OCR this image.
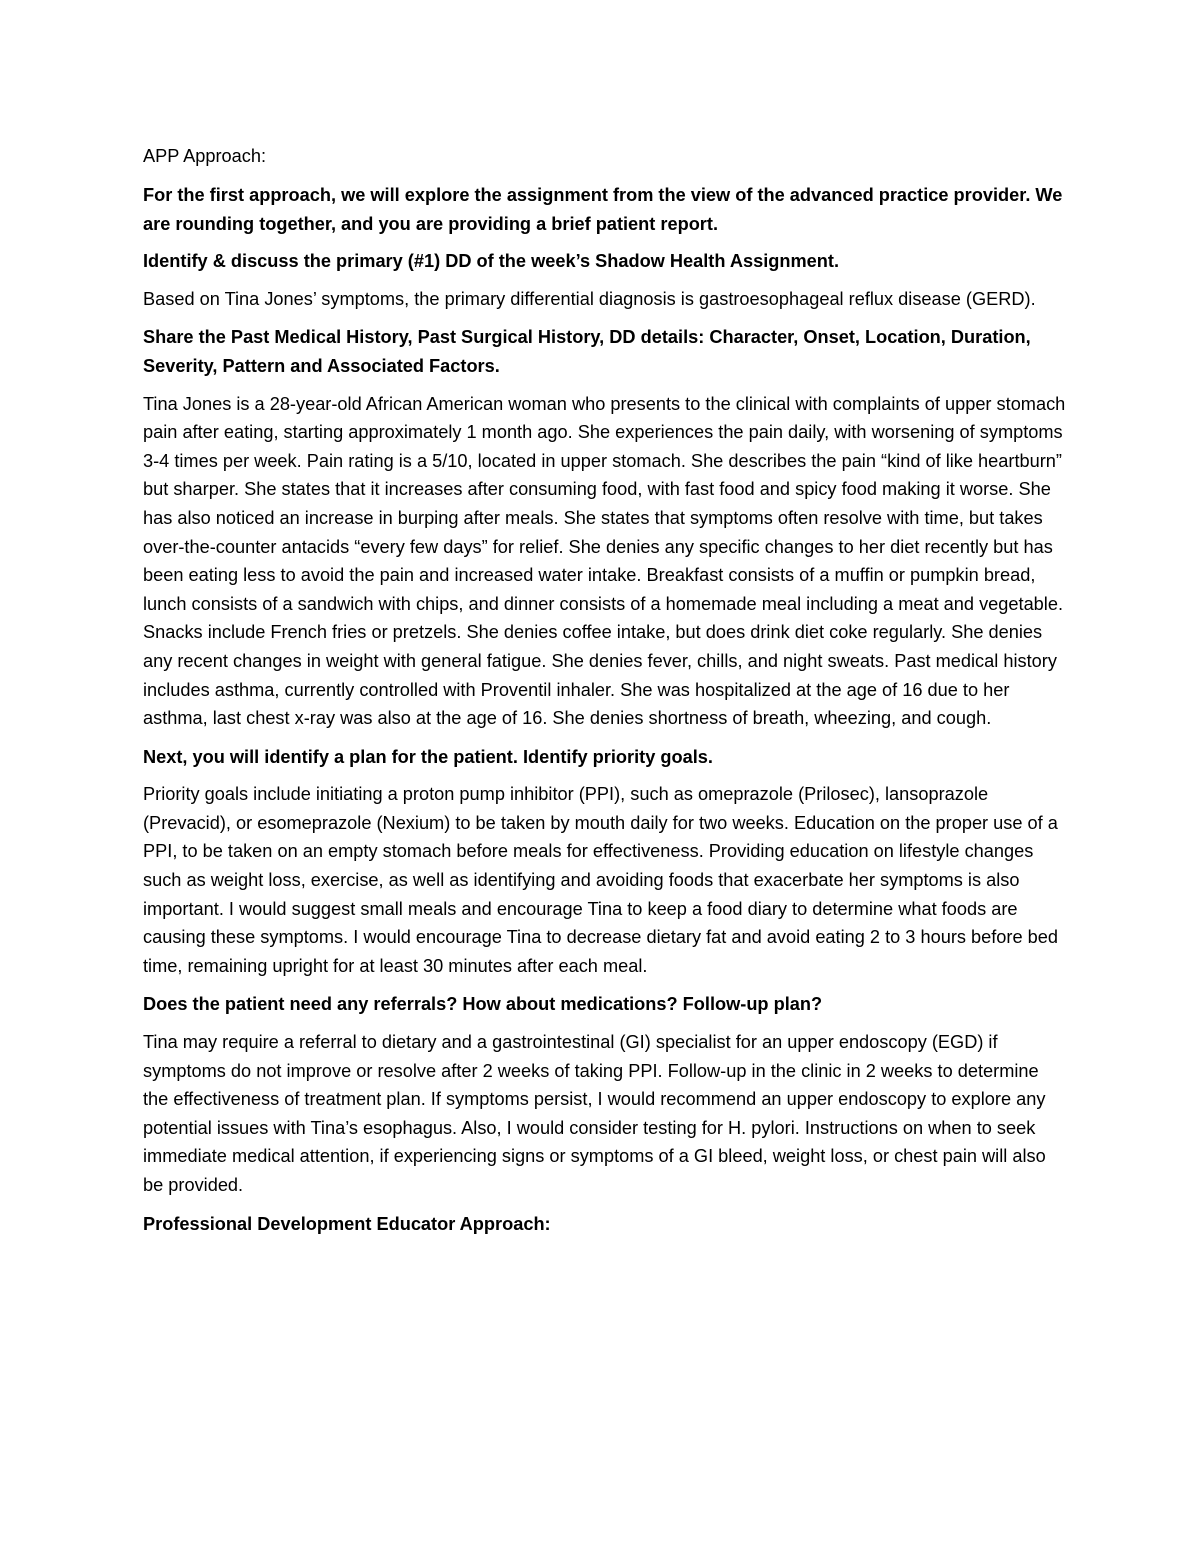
APP Approach:

For the first approach, we will explore the assignment from the view of the advanced practice provider. We are rounding together, and you are providing a brief patient report.

Identify & discuss the primary (#1) DD of the week’s Shadow Health Assignment.

Based on Tina Jones’ symptoms, the primary differential diagnosis is gastroesophageal reflux disease (GERD).

Share the Past Medical History, Past Surgical History, DD details: Character, Onset, Location, Duration, Severity, Pattern and Associated Factors.

Tina Jones is a 28-year-old African American woman who presents to the clinical with complaints of upper stomach pain after eating, starting approximately 1 month ago. She experiences the pain daily, with worsening of symptoms 3-4 times per week. Pain rating is a 5/10, located in upper stomach. She describes the pain “kind of like heartburn” but sharper. She states that it increases after consuming food, with fast food and spicy food making it worse. She has also noticed an increase in burping after meals. She states that symptoms often resolve with time, but takes over-the-counter antacids “every few days” for relief. She denies any specific changes to her diet recently but has been eating less to avoid the pain and increased water intake. Breakfast consists of a muffin or pumpkin bread, lunch consists of a sandwich with chips, and dinner consists of a homemade meal including a meat and vegetable. Snacks include French fries or pretzels. She denies coffee intake, but does drink diet coke regularly. She denies any recent changes in weight with general fatigue. She denies fever, chills, and night sweats. Past medical history includes asthma, currently controlled with Proventil inhaler. She was hospitalized at the age of 16 due to her asthma, last chest x-ray was also at the age of 16. She denies shortness of breath, wheezing, and cough.

Next, you will identify a plan for the patient. Identify priority goals.

Priority goals include initiating a proton pump inhibitor (PPI), such as omeprazole (Prilosec), lansoprazole (Prevacid), or esomeprazole (Nexium) to be taken by mouth daily for two weeks. Education on the proper use of a PPI, to be taken on an empty stomach before meals for effectiveness. Providing education on lifestyle changes such as weight loss, exercise, as well as identifying and avoiding foods that exacerbate her symptoms is also important. I would suggest small meals and encourage Tina to keep a food diary to determine what foods are causing these symptoms. I would encourage Tina to decrease dietary fat and avoid eating 2 to 3 hours before bed time, remaining upright for at least 30 minutes after each meal.

Does the patient need any referrals? How about medications? Follow-up plan?

Tina may require a referral to dietary and a gastrointestinal (GI) specialist for an upper endoscopy (EGD) if symptoms do not improve or resolve after 2 weeks of taking PPI. Follow-up in the clinic in 2 weeks to determine the effectiveness of treatment plan. If symptoms persist, I would recommend an upper endoscopy to explore any potential issues with Tina’s esophagus. Also, I would consider testing for H. pylori. Instructions on when to seek immediate medical attention, if experiencing signs or symptoms of a GI bleed, weight loss, or chest pain will also be provided.

Professional Development Educator Approach:
